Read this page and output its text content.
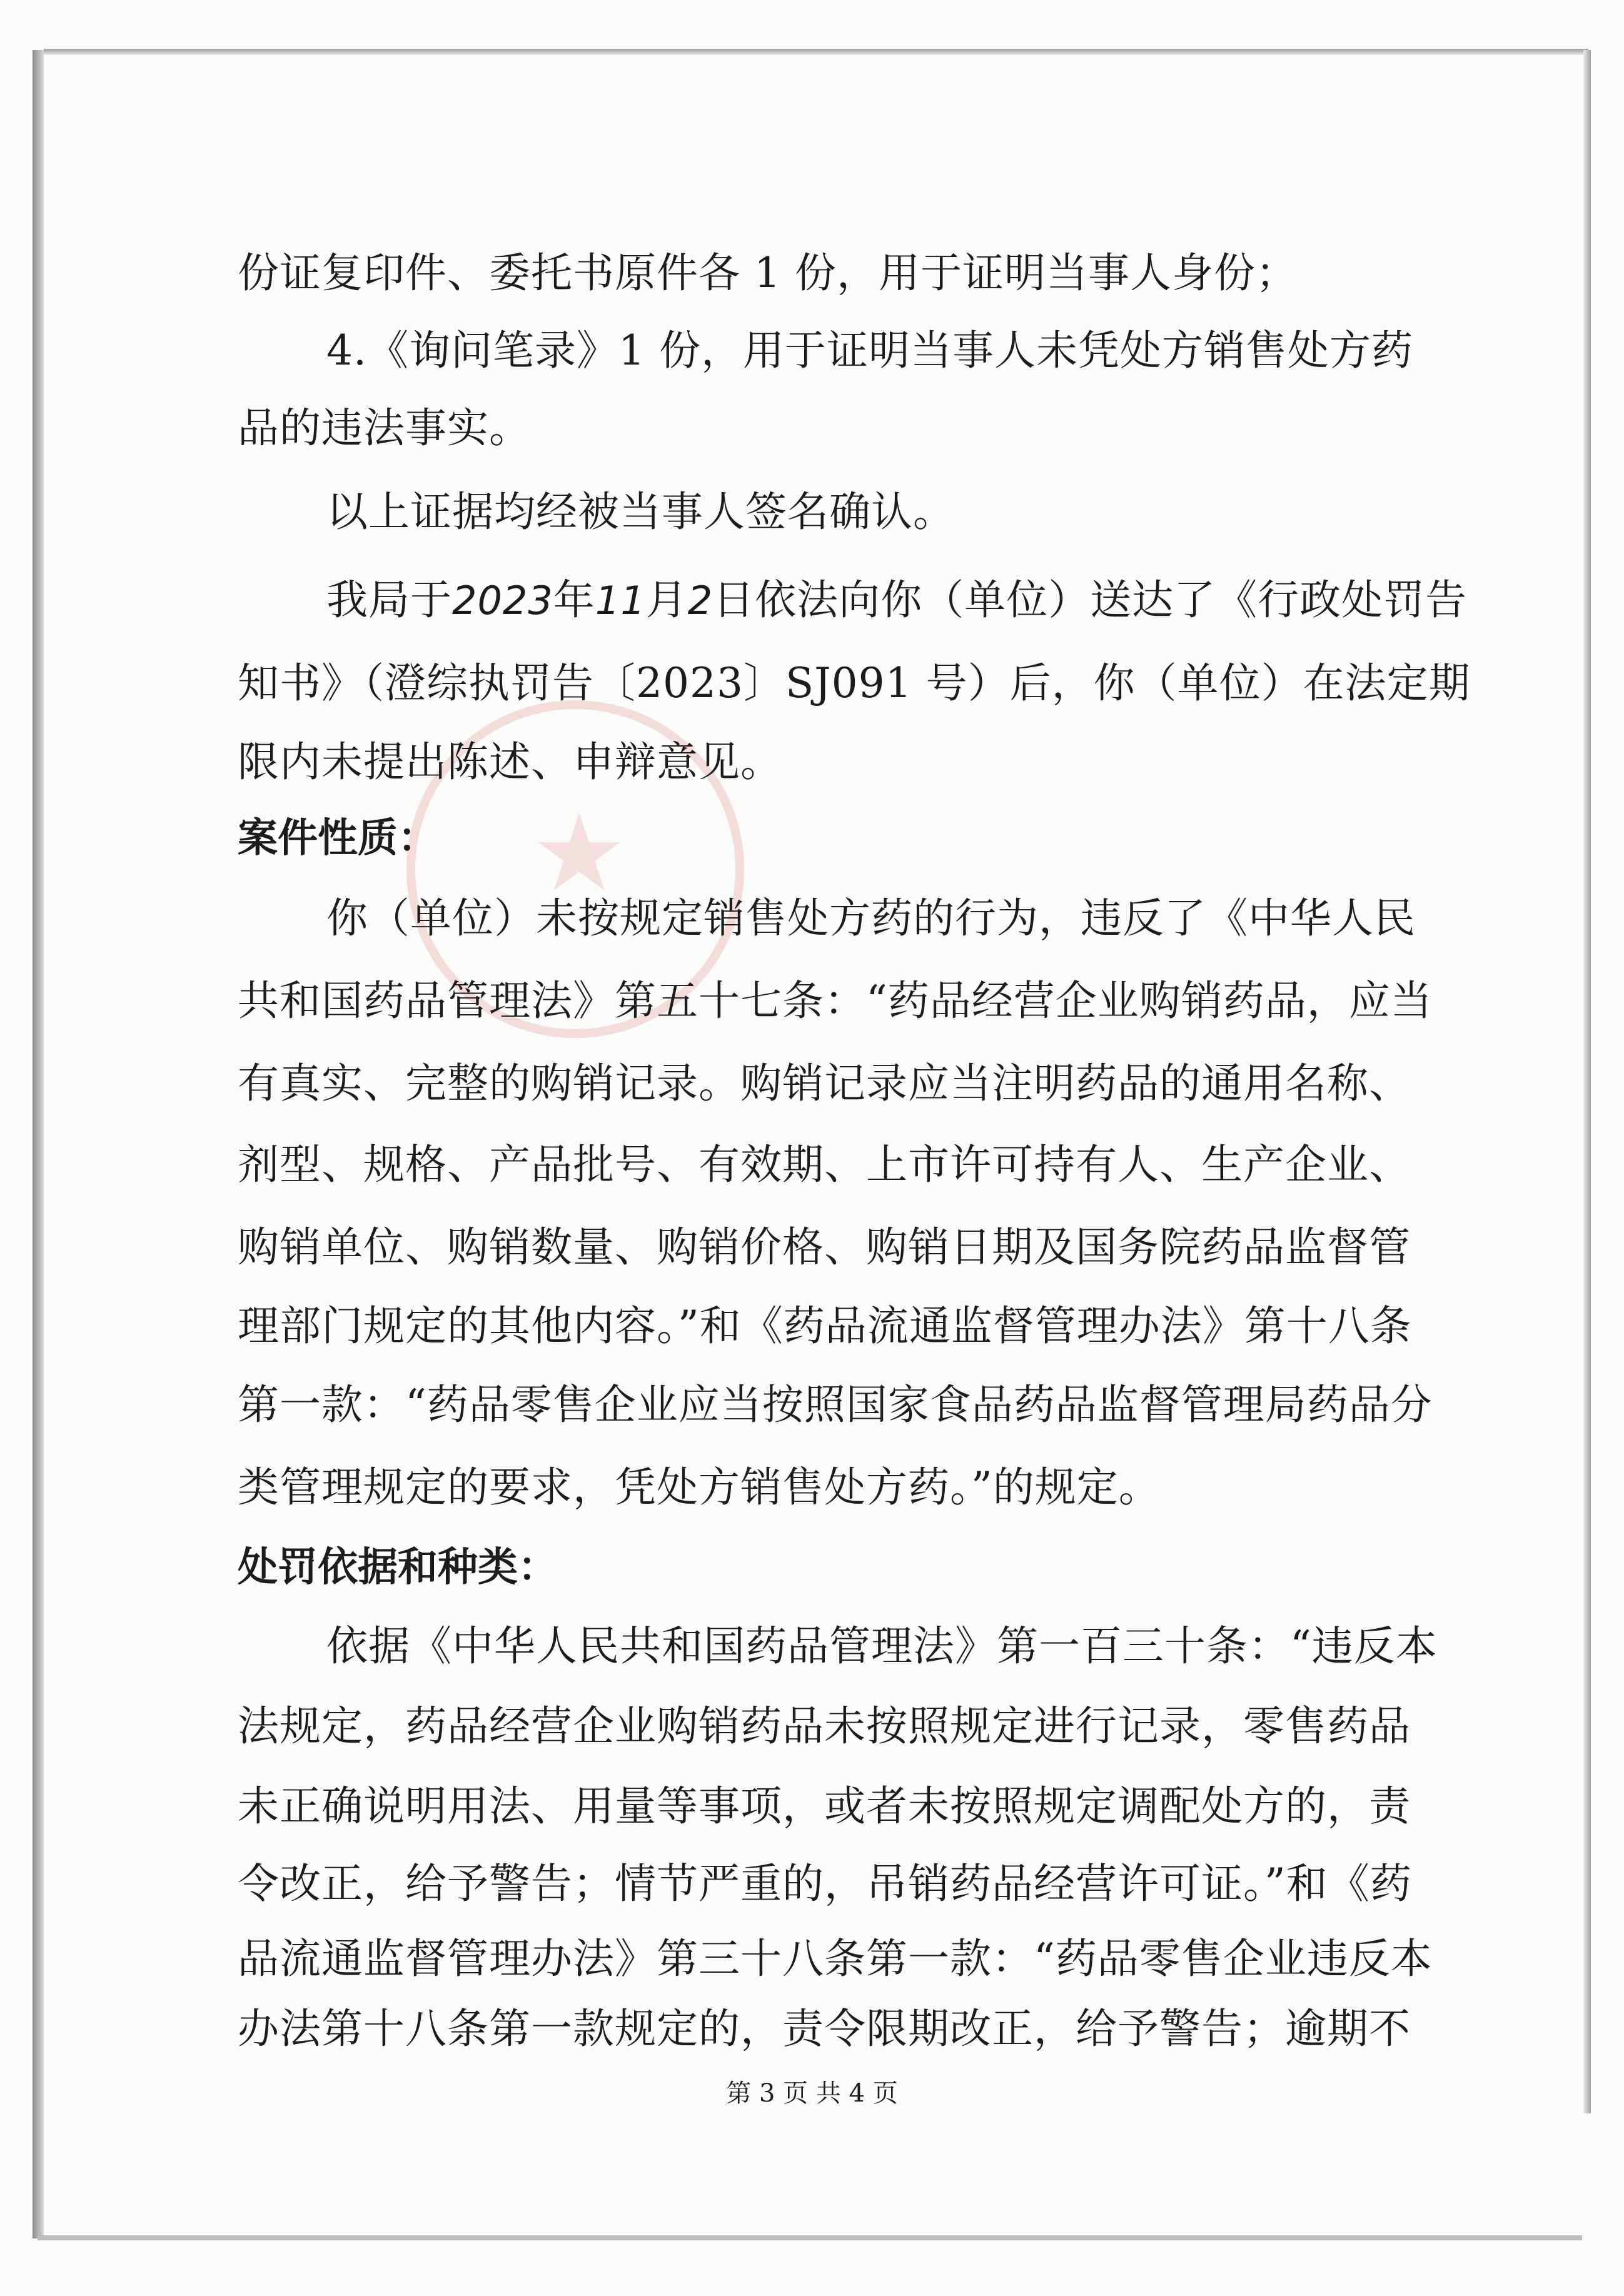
★
份证复印件、委托书原件各 1 份，用于证明当事人身份；
4.《询问笔录》1 份，用于证明当事人未凭处方销售处方药
品的违法事实。
以上证据均经被当事人签名确认。
我局于2023年11月2日依法向你（单位）送达了《行政处罚告
知书》（澄综执罚告〔2023〕SJ091 号）后，你（单位）在法定期
限内未提出陈述、申辩意见。
案件性质：
你（单位）未按规定销售处方药的行为，违反了《中华人民
共和国药品管理法》第五十七条：“药品经营企业购销药品，应当
有真实、完整的购销记录。购销记录应当注明药品的通用名称、
剂型、规格、产品批号、有效期、上市许可持有人、生产企业、
购销单位、购销数量、购销价格、购销日期及国务院药品监督管
理部门规定的其他内容。”和《药品流通监督管理办法》第十八条
第一款：“药品零售企业应当按照国家食品药品监督管理局药品分
类管理规定的要求，凭处方销售处方药。”的规定。
处罚依据和种类：
依据《中华人民共和国药品管理法》第一百三十条：“违反本
法规定，药品经营企业购销药品未按照规定进行记录，零售药品
未正确说明用法、用量等事项，或者未按照规定调配处方的，责
令改正，给予警告；情节严重的，吊销药品经营许可证。”和《药
品流通监督管理办法》第三十八条第一款：“药品零售企业违反本
办法第十八条第一款规定的，责令限期改正，给予警告；逾期不
第 3 页 共 4 页
